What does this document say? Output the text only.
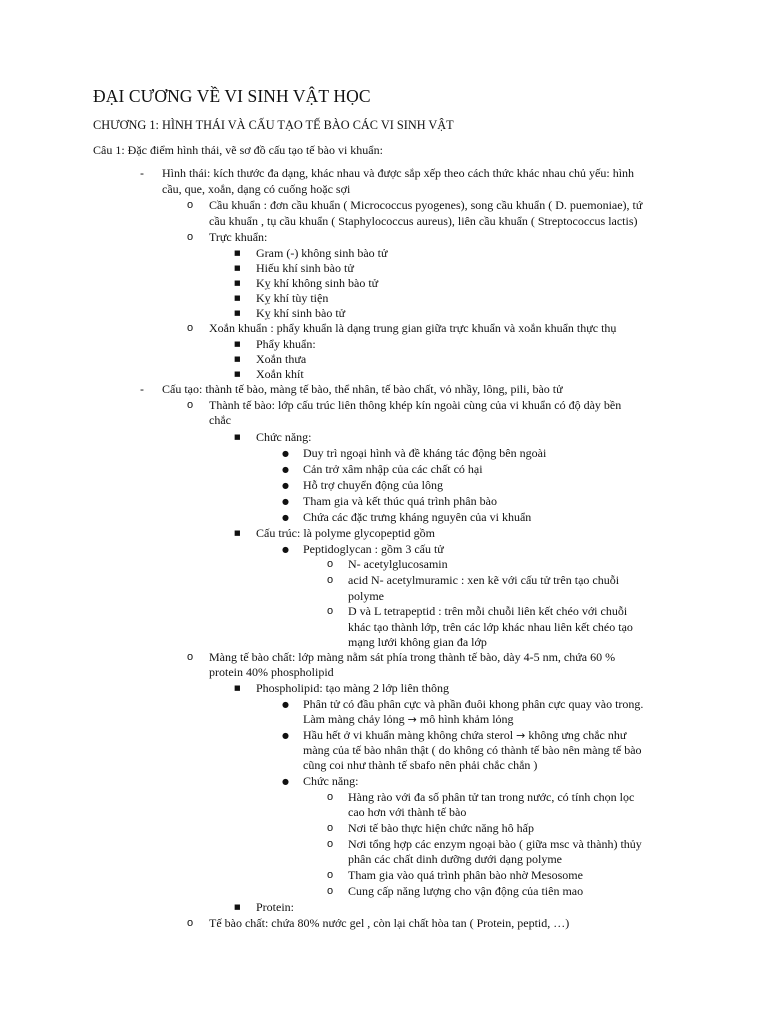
ĐẠI CƯƠNG VỀ VI SINH VẬT HỌC
CHƯƠNG 1: HÌNH THÁI VÀ CẤU TẠO TẾ BÀO CÁC VI SINH VẬT
Câu 1: Đặc điểm hình thái, vẽ sơ đồ cấu tạo tế bào vi khuẩn:
- Hình thái: kích thước đa dạng, khác nhau và được sắp xếp theo cách thức khác nhau chủ yếu: hình
cầu, que, xoắn, dạng có cuống hoặc sợi
o Cầu khuẩn : đơn cầu khuẩn ( Micrococcus pyogenes), song cầu khuẩn ( D. puemoniae), tứ
cầu khuẩn , tụ cầu khuẩn ( Staphylococcus aureus), liên cầu khuẩn ( Streptococcus lactis)
o Trực khuẩn:
■ Gram (-) không sinh bào tử
■ Hiếu khí sinh bào tử
■ Kỵ khí không sinh bào tử
■ Kỵ khí tùy tiện
■ Kỵ khí sinh bào tử
o Xoắn khuẩn : phẩy khuẩn là dạng trung gian giữa trực khuẩn và xoắn khuẩn thực thụ
■ Phẩy khuẩn:
■ Xoắn thưa
■ Xoắn khít
- Cấu tạo: thành tế bào, màng tế bào, thể nhân, tế bào chất, vỏ nhầy, lông, pili, bào tử
o Thành tế bào: lớp cấu trúc liên thông khép kín ngoài cùng của vi khuẩn có độ dày bền
chắc
■ Chức năng:
● Duy trì ngoại hình và đề kháng tác động bên ngoài
● Cản trở xâm nhập của các chất có hại
● Hỗ trợ chuyển động của lông
● Tham gia và kết thúc quá trình phân bào
● Chứa các đặc trưng kháng nguyên của vi khuẩn
■ Cấu trúc: là polyme glycopeptid gồm
● Peptidoglycan : gồm 3 cấu tử
o N- acetylglucosamin
o acid N- acetylmuramic : xen kẽ với cấu tử trên tạo chuỗi
polyme
o D và L tetrapeptid : trên mỗi chuỗi liên kết chéo với chuỗi
khác tạo thành lớp, trên các lớp khác nhau liên kết chéo tạo
mạng lưới không gian đa lớp
o Màng tế bào chất: lớp màng nằm sát phía trong thành tế bào, dày 4-5 nm, chứa 60 %
protein 40% phospholipid
■ Phospholipid: tạo màng 2 lớp liên thông
● Phân tử có đầu phân cực và phần đuôi khong phân cực quay vào trong.
Làm màng chảy lỏng → mô hình khảm lỏng
● Hầu hết ở vi khuẩn màng không chứa sterol → không ưng chắc như
màng của tế bào nhân thật ( do không có thành tế bào nên màng tế bào
cũng coi như thành tế sbafo nên phải chắc chắn )
● Chức năng:
o Hàng rào với đa số phân tử tan trong nước, có tính chọn lọc
cao hơn với thành tế bào
o Nơi tế bào thực hiện chức năng hô hấp
o Nơi tổng hợp các enzym ngoại bào ( giữa msc và thành) thủy
phân các chất dinh dưỡng dưới dạng polyme
o Tham gia vào quá trình phân bào nhờ Mesosome
o Cung cấp năng lượng cho vận động của tiên mao
■ Protein:
o Tế bào chất: chứa 80% nước gel , còn lại chất hòa tan ( Protein, peptid, …)
